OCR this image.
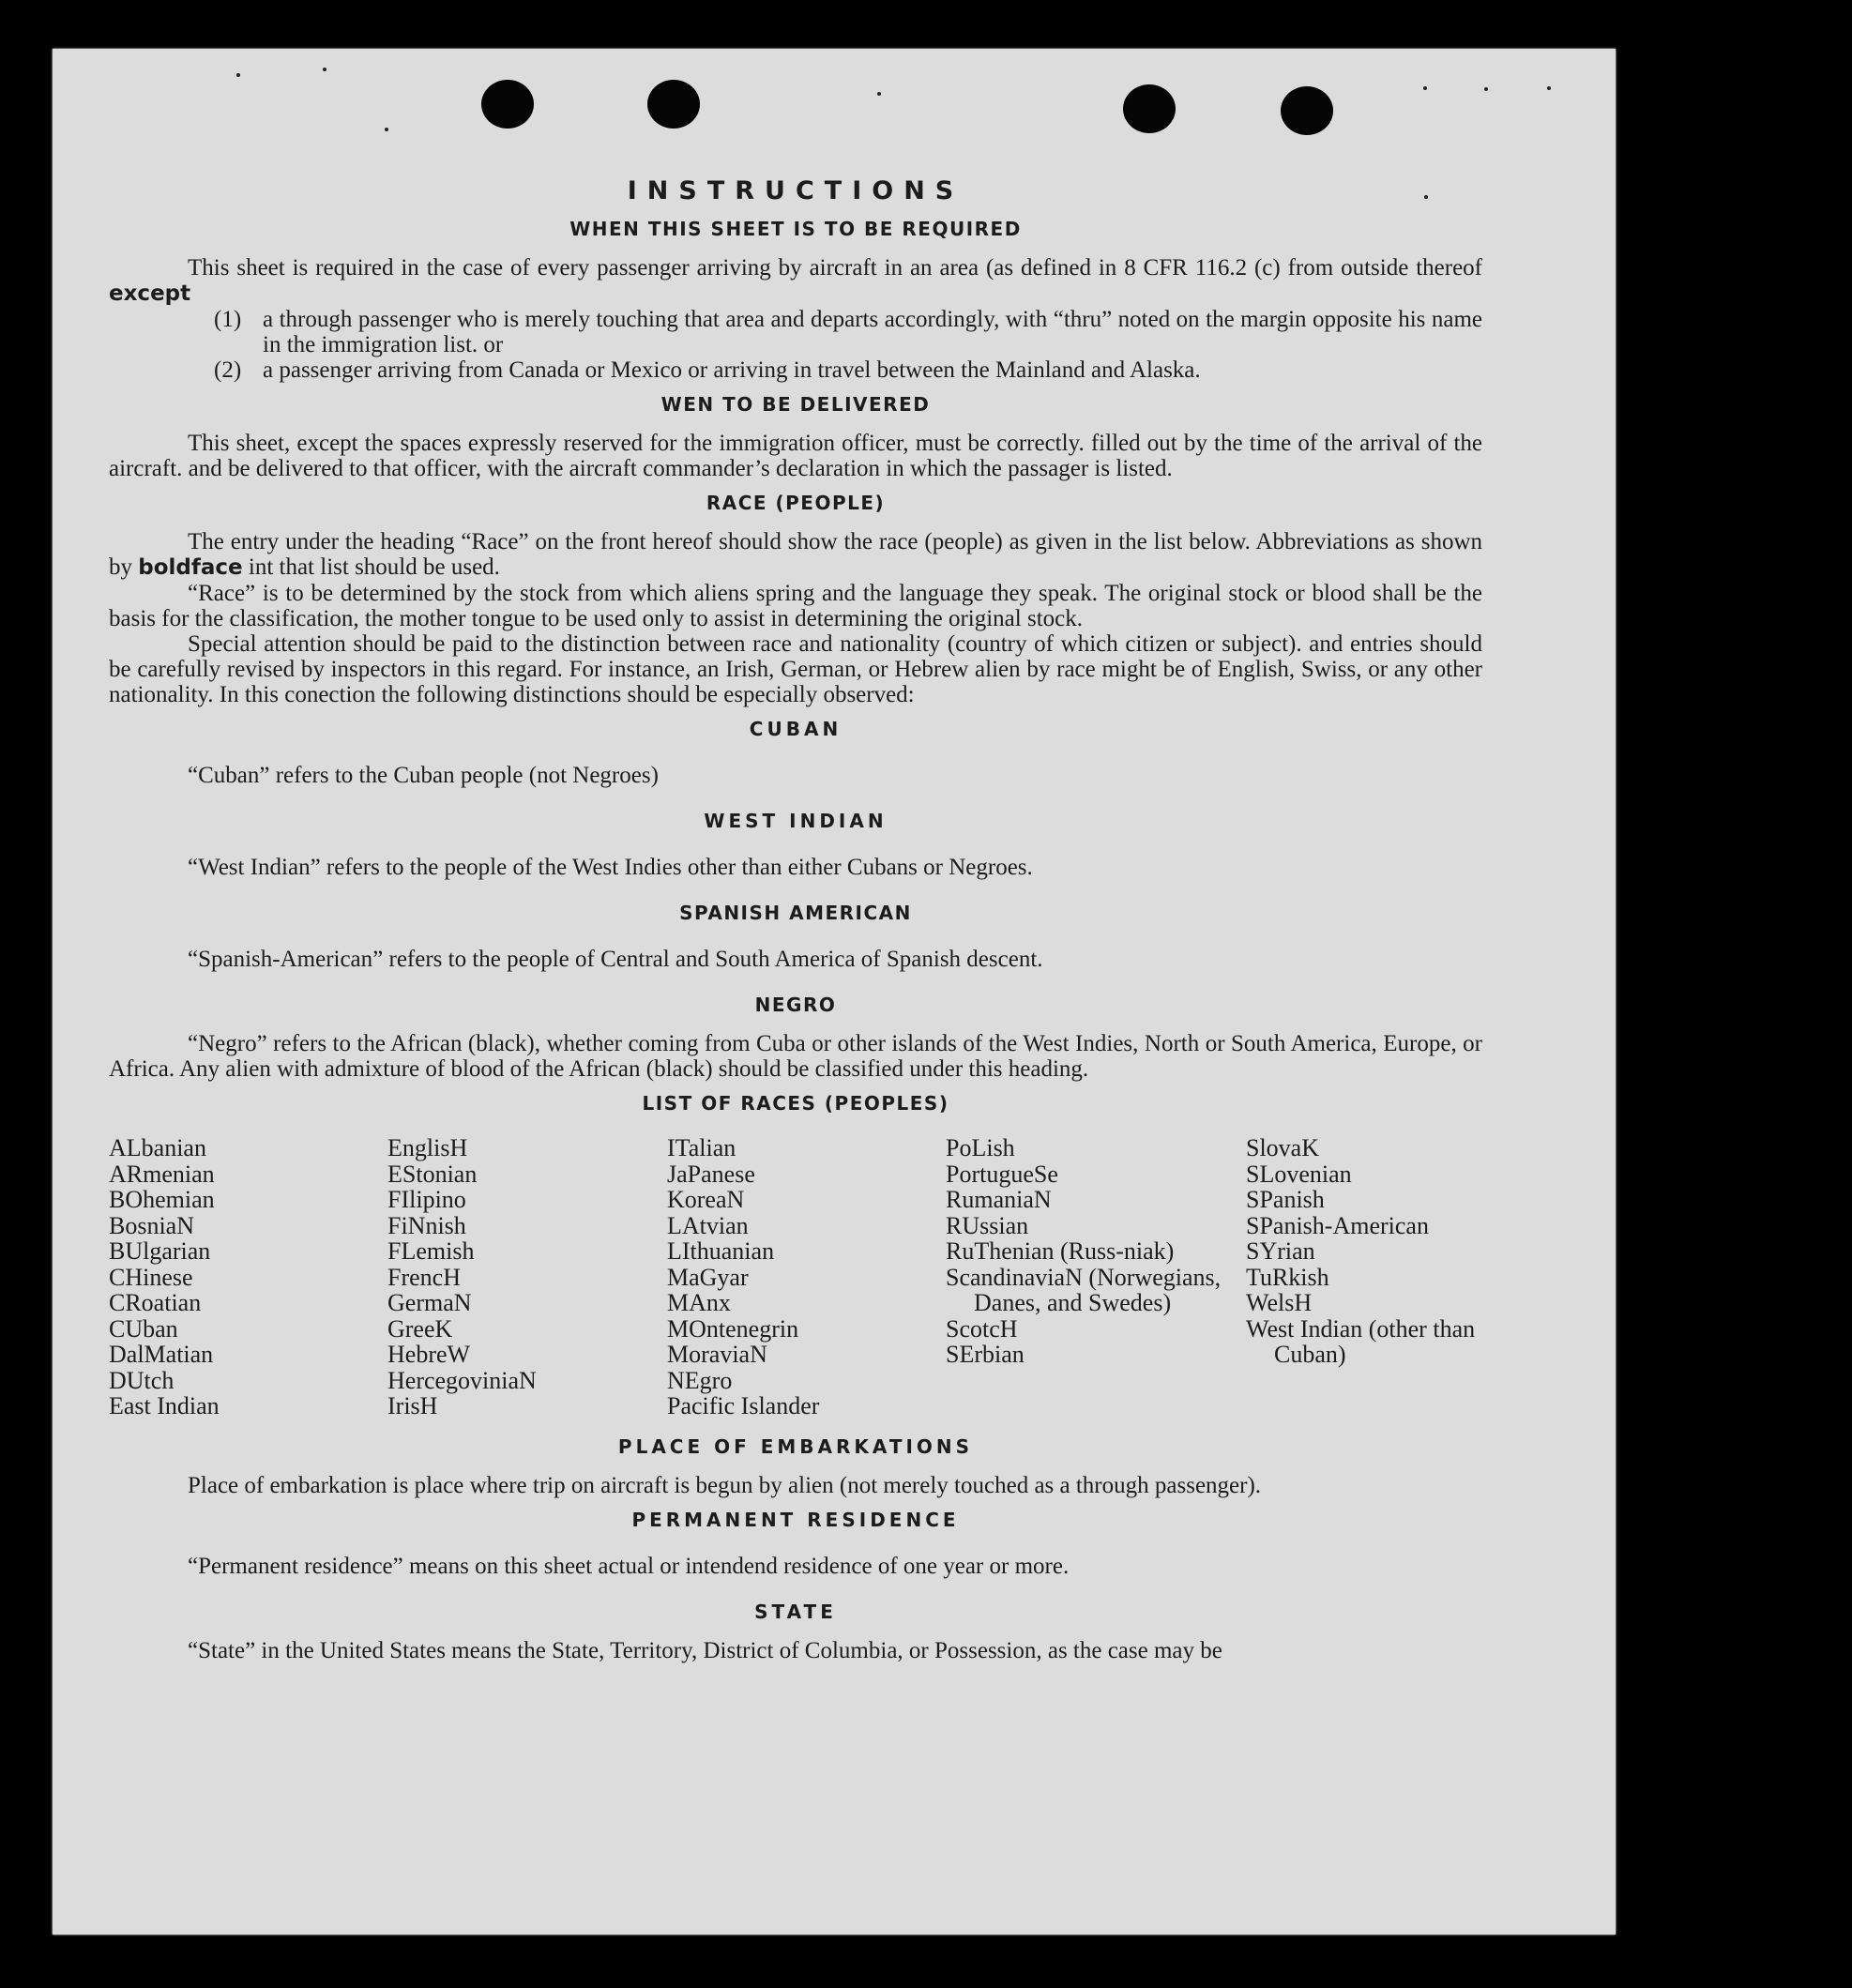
INSTRUCTIONS
WHEN THIS SHEET IS TO BE REQUIRED

This sheet is required in the case of every passenger arriving by aircraft in an area (as defined in 8 CFR 116.2 (c) from outside thereof except

(1) a through passenger who is merely touching that area and departs accordingly, with “thru” noted on the margin opposite his name in the immigration list. or
(2) a passenger arriving from Canada or Mexico or arriving in travel between the Mainland and Alaska.
WEN TO BE DELIVERED

This sheet, except the spaces expressly reserved for the immigration officer, must be correctly. filled out by the time of the arrival of the aircraft. and be delivered to that officer, with the aircraft commander’s declaration in which the passager is listed.

RACE (PEOPLE)

The entry under the heading “Race” on the front hereof should show the race (people) as given in the list below. Abbreviations as shown by boldface int that list should be used.

“Race” is to be determined by the stock from which aliens spring and the language they speak. The original stock or blood shall be the basis for the classification, the mother tongue to be used only to assist in determining the original stock.

Special attention should be paid to the distinction between race and nationality (country of which citizen or subject). and entries should be carefully revised by inspectors in this regard. For instance, an Irish, German, or Hebrew alien by race might be of English, Swiss, or any other nationality. In this conection the following distinctions should be especially observed:

CUBAN

“Cuban” refers to the Cuban people (not Negroes)

WEST INDIAN

“West Indian” refers to the people of the West Indies other than either Cubans or Negroes.

SPANISH AMERICAN

“Spanish-American” refers to the people of Central and South America of Spanish descent.

NEGRO

“Negro” refers to the African (black), whether coming from Cuba or other islands of the West Indies, North or South America, Europe, or Africa. Any alien with admixture of blood of the African (black) should be classified under this heading.

LIST OF RACES (PEOPLES)
ALbanian
ARmenian
BOhemian
BosniaN
BUlgarian
CHinese
CRoatian
CUban
DalMatian
DUtch
East Indian
EnglisH
EStonian
FIlipino
FiNnish
FLemish
FrencH
GermaN
GreeK
HebreW
HercegoviniaN
IrisH
ITalian
JaPanese
KoreaN
LAtvian
LIthuanian
MaGyar
MAnx
MOntenegrin
MoraviaN
NEgro
Pacific Islander
PoLish
PortugueSe
RumaniaN
RUssian
RuThenian (Russ-niak)
ScandinaviaN (Norwegians, Danes, and Swedes)
ScotcH
SErbian
SlovaK
SLovenian
SPanish
SPanish-American
SYrian
TuRkish
WelsH
West Indian (other than Cuban)
PLACE OF EMBARKATIONS

Place of embarkation is place where trip on aircraft is begun by alien (not merely touched as a through passenger).

PERMANENT RESIDENCE

“Permanent residence” means on this sheet actual or intendend residence of one year or more.

STATE

“State” in the United States means the State, Territory, District of Columbia, or Possession, as the case may be
